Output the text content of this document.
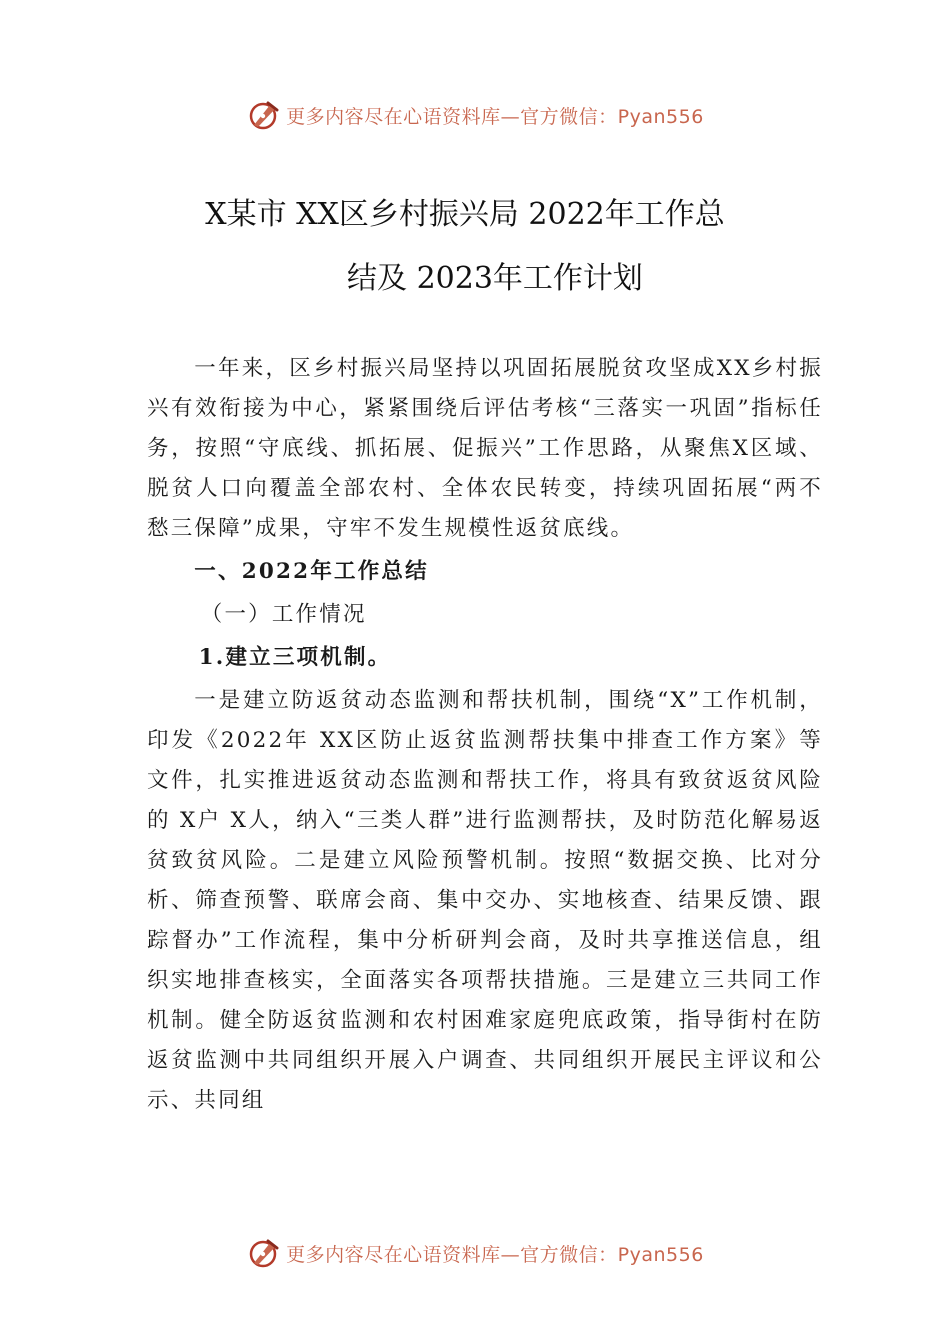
更多内容尽在心语资料库—官方微信：Pyan556
X某市 XX区乡村振兴局 2022年工作总
结及 2023年工作计划

一年来，区乡村振兴局坚持以巩固拓展脱贫攻坚成XX乡村振兴有效衔接为中心，紧紧围绕后评估考核“三落实一巩固”指标任务，按照“守底线、抓拓展、促振兴”工作思路，从聚焦X区域、脱贫人口向覆盖全部农村、全体农民转变，持续巩固拓展“两不愁三保障”成果，守牢不发生规模性返贫底线。

一、2022年工作总结

（一）工作情况

1.建立三项机制。

一是建立防返贫动态监测和帮扶机制，围绕“X”工作机制，印发《2022年 XX区防止返贫监测帮扶集中排查工作方案》等文件，扎实推进返贫动态监测和帮扶工作，将具有致贫返贫风险的 X户 X人，纳入“三类人群”进行监测帮扶，及时防范化解易返贫致贫风险。二是建立风险预警机制。按照“数据交换、比对分析、筛查预警、联席会商、集中交办、实地核查、结果反馈、跟踪督办”工作流程，集中分析研判会商，及时共享推送信息，组织实地排查核实，全面落实各项帮扶措施。三是建立三共同工作机制。健全防返贫监测和农村困难家庭兜底政策，指导街村在防返贫监测中共同组织开展入户调查、共同组织开展民主评议和公示、共同组

更多内容尽在心语资料库—官方微信：Pyan556
